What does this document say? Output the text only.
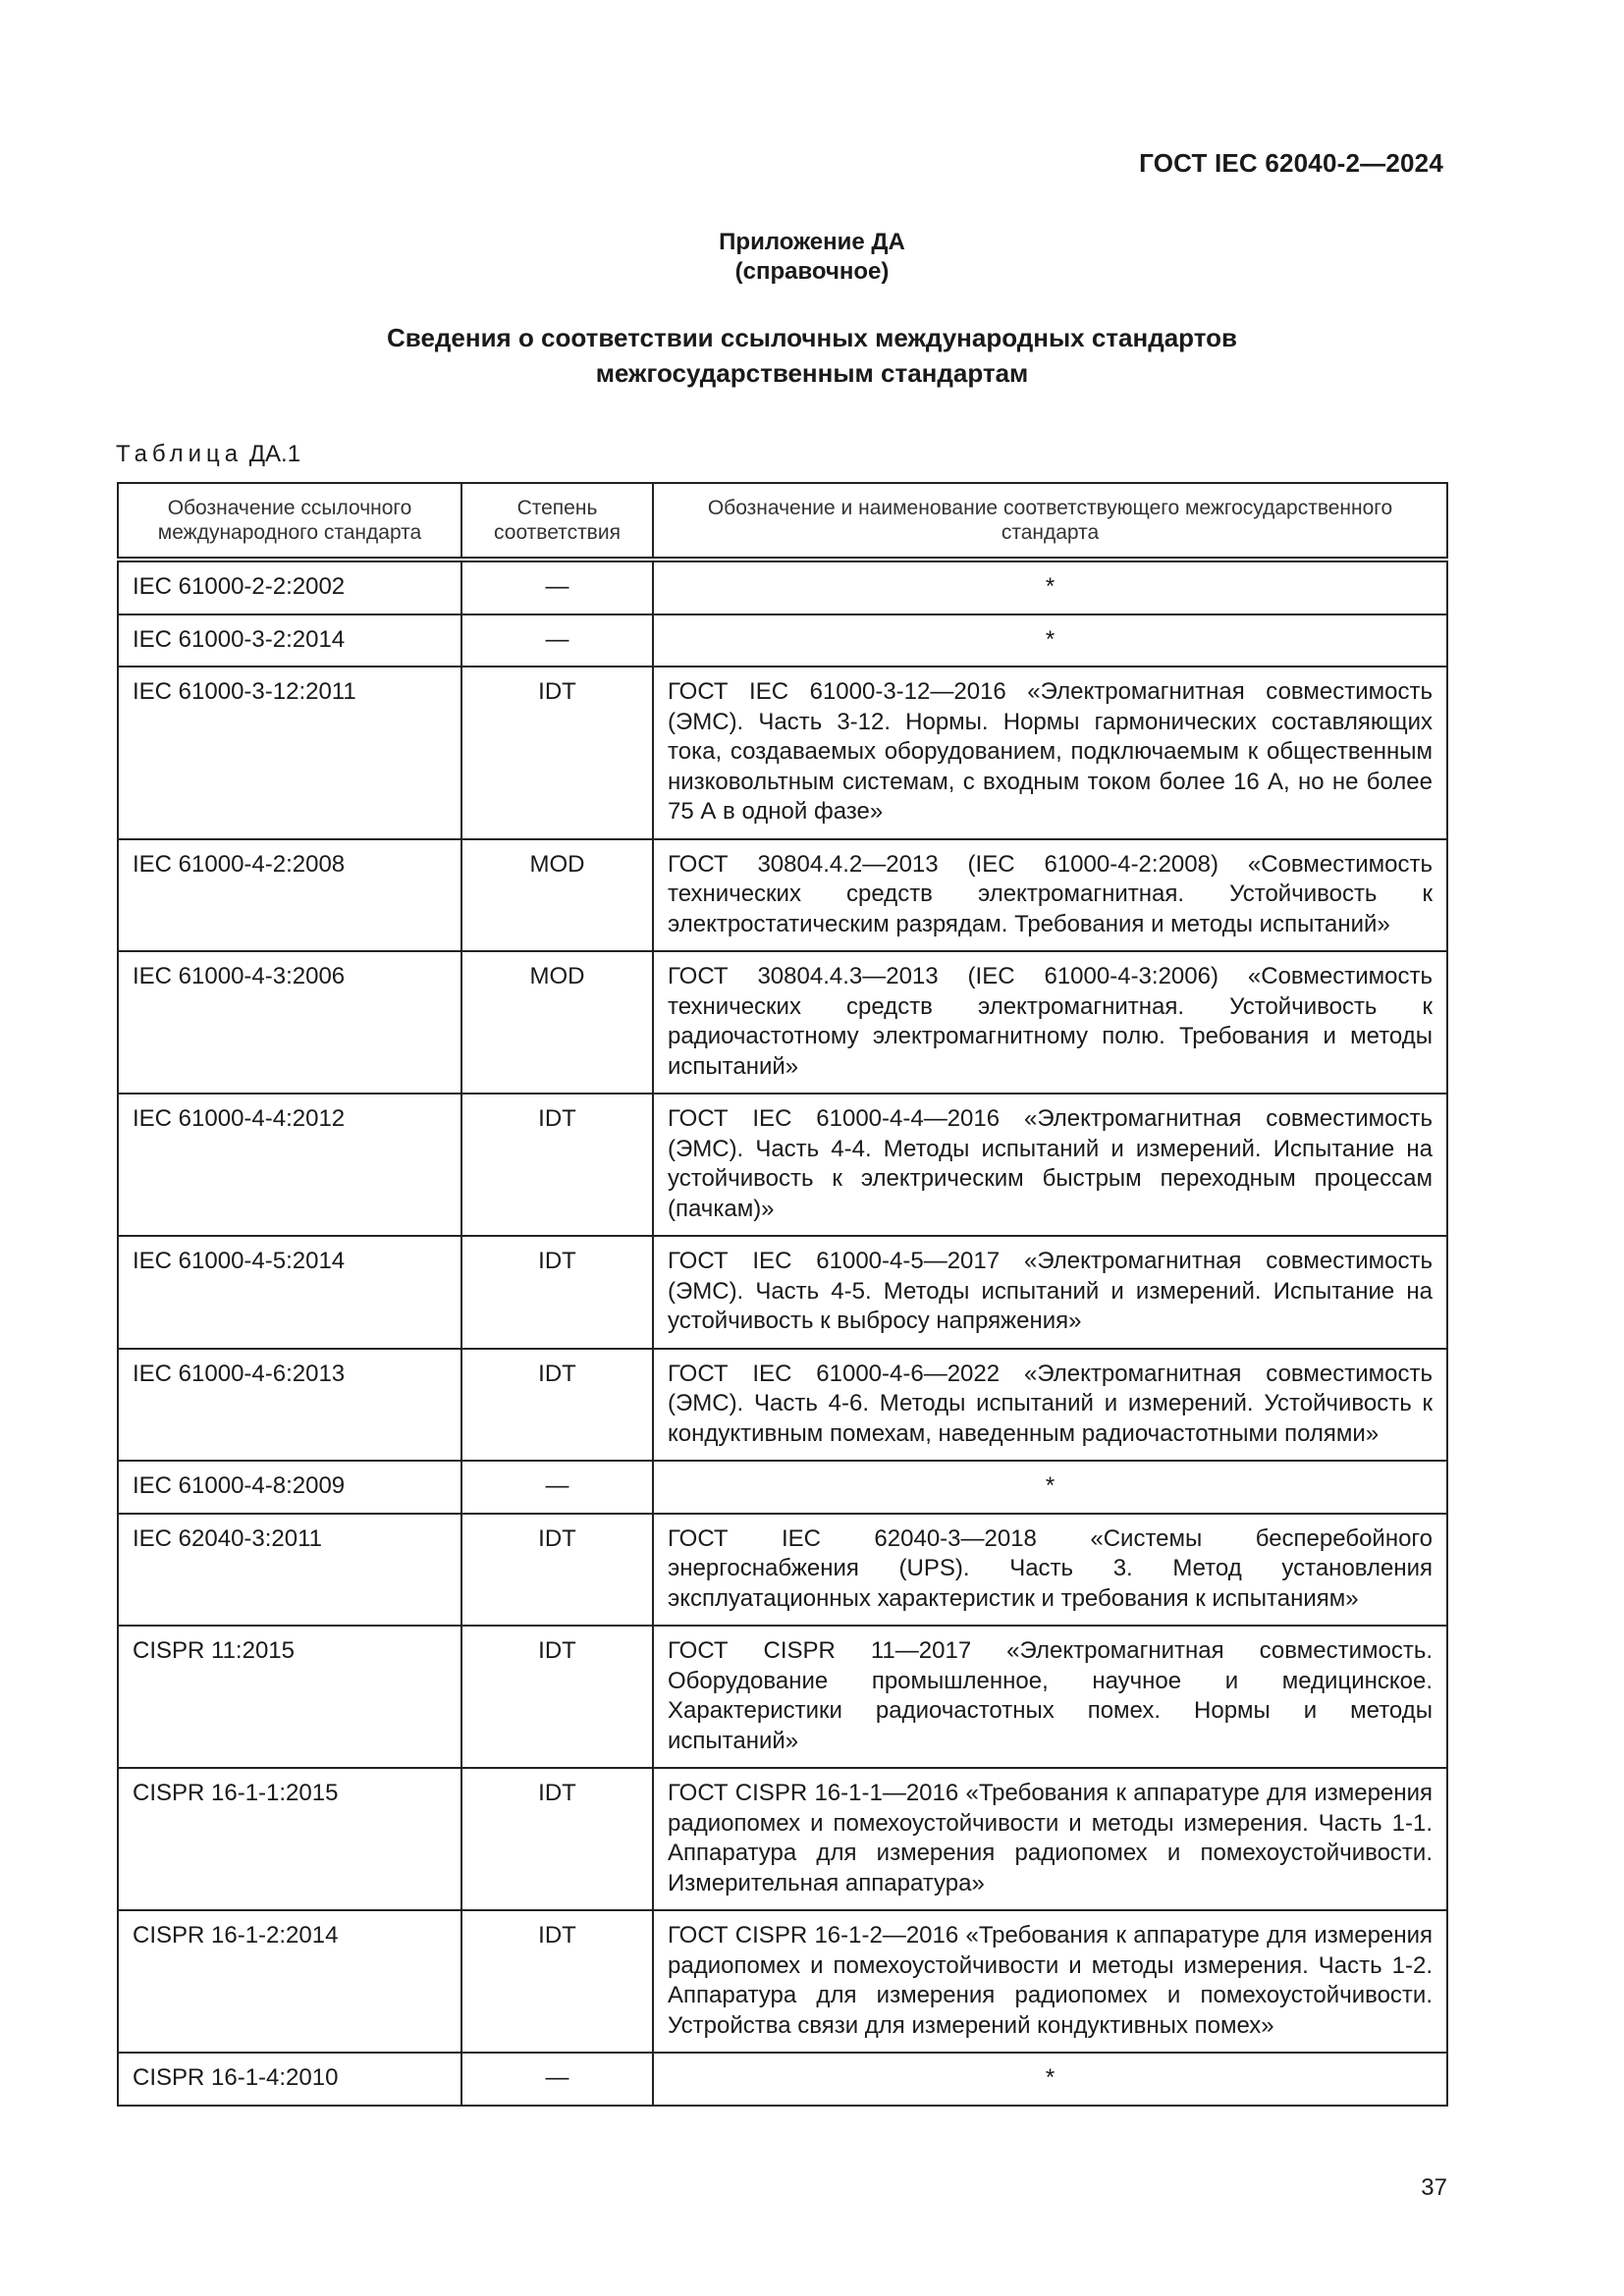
ГОСТ IEC 62040-2—2024
Приложение ДА
(справочное)
Сведения о соответствии ссылочных международных стандартов
межгосударственным стандартам
Таблица ДА.1
Обозначение ссылочного международного стандарта	Степень соответствия	Обозначение и наименование соответствующего межгосударственного стандарта
IEC 61000-2-2:2002	—	*
IEC 61000-3-2:2014	—	*
IEC 61000-3-12:2011	IDT	ГОСТ IEC 61000-3-12—2016 «Электромагнитная совместимость (ЭМС). Часть 3-12. Нормы. Нормы гармонических составляющих тока, создаваемых оборудованием, подключаемым к общественным низковольтным системам, с входным током более 16 А, но не более 75 А в одной фазе»
IEC 61000-4-2:2008	MOD	ГОСТ 30804.4.2—2013 (IEC 61000-4-2:2008) «Совместимость технических средств электромагнитная. Устойчивость к электростатическим разрядам. Требования и методы испытаний»
IEC 61000-4-3:2006	MOD	ГОСТ 30804.4.3—2013 (IEC 61000-4-3:2006) «Совместимость технических средств электромагнитная. Устойчивость к радиочастотному электромагнитному полю. Требования и методы испытаний»
IEC 61000-4-4:2012	IDT	ГОСТ IEC 61000-4-4—2016 «Электромагнитная совместимость (ЭМС). Часть 4-4. Методы испытаний и измерений. Испытание на устойчивость к электрическим быстрым переходным процессам (пачкам)»
IEC 61000-4-5:2014	IDT	ГОСТ IEC 61000-4-5—2017 «Электромагнитная совместимость (ЭМС). Часть 4-5. Методы испытаний и измерений. Испытание на устойчивость к выбросу напряжения»
IEC 61000-4-6:2013	IDT	ГОСТ IEC 61000-4-6—2022 «Электромагнитная совместимость (ЭМС). Часть 4-6. Методы испытаний и измерений. Устойчивость к кондуктивным помехам, наведенным радиочастотными полями»
IEC 61000-4-8:2009	—	*
IEC 62040-3:2011	IDT	ГОСТ IEC 62040-3—2018 «Системы бесперебойного энергоснабжения (UPS). Часть 3. Метод установления эксплуатационных характеристик и требования к испытаниям»
CISPR 11:2015	IDT	ГОСТ CISPR 11—2017 «Электромагнитная совместимость. Оборудование промышленное, научное и медицинское. Характеристики радиочастотных помех. Нормы и методы испытаний»
CISPR 16-1-1:2015	IDT	ГОСТ CISPR 16-1-1—2016 «Требования к аппаратуре для измерения радиопомех и помехоустойчивости и методы измерения. Часть 1-1. Аппаратура для измерения радиопомех и помехоустойчивости. Измерительная аппаратура»
CISPR 16-1-2:2014	IDT	ГОСТ CISPR 16-1-2—2016 «Требования к аппаратуре для измерения радиопомех и помехоустойчивости и методы измерения. Часть 1-2. Аппаратура для измерения радиопомех и помехоустойчивости. Устройства связи для измерений кондуктивных помех»
CISPR 16-1-4:2010	—	*
37
